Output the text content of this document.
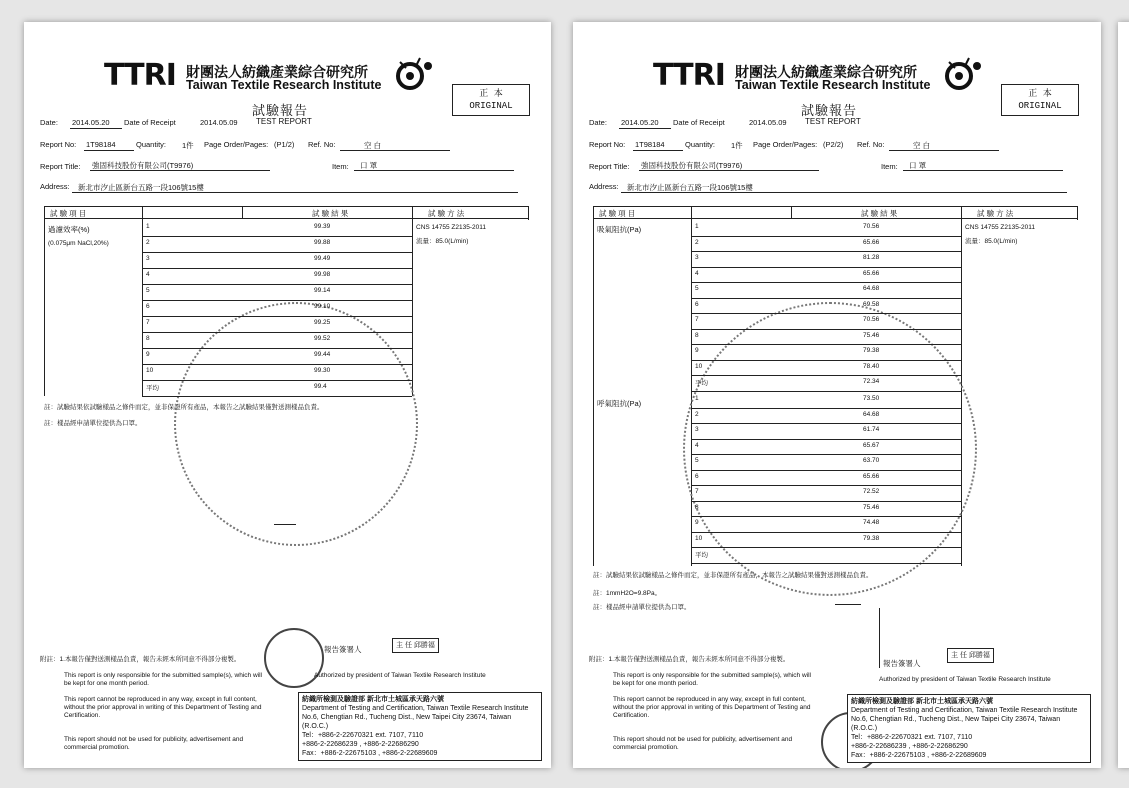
TTRI 財團法人紡織產業綜合研究所
Taiwan Textile Research Institute
正 本
ORIGINAL
試驗報告
TEST REPORT
Date: 2014.05.20 Date of Receipt	2014.05.09
Report No: 1T98184	Quantity: 1件 Page Order/Pages: (P1/2) Ref. No:	空 白
Report Title: 強固科技股份有限公司(T9976)	Item: 口 罩
Address: 新北市汐止區新台五路一段106號15樓
試 驗 項 目	試 驗 結 果	試 驗 方 法
過濾效率(%)
(0.075μm NaCl,20%)
CNS 14755 Z2135-2011
流量：85.0(L/min)
註：試驗結果依試驗樣品之條件而定，並非保證所有產品，本報告之試驗結果僅對送測樣品負責。
註：樣品經申請單位提供為口罩。
附註：1.本報告僅對送測樣品負責，報告未經本所同意不得部分複製。
This report is only responsible for the submitted sample(s), which will be kept for one month period.
This report cannot be reproduced in any way, except in full content, without the prior approval in writing of this Department of Testing and Certification.
This report should not be used for publicity, advertisement and commercial promotion.
報告簽署人	主 任 邱勝福
Authorized by president of Taiwan Textile Research Institute
紡織所檢測及驗證部 新北市土城區承天路六號
Department of Testing and Certification, Taiwan Textile Research Institute
No.6, Chengtian Rd., Tucheng Dist., New Taipei City 23674, Taiwan (R.O.C.)
Tel：+886-2-22670321 ext. 7107, 7110
+886-2-22686239 , +886-2-22686290
Fax：+886-2-22675103 , +886-2-22689609
1	99.39
2	99.88
3	99.49
4	99.98
5	99.14
6	99.10
7	99.25
8	99.52
9	99.44
10	99.30
平均	99.4
TTRI 財團法人紡織產業綜合研究所
Taiwan Textile Research Institute
正 本
ORIGINAL
試驗報告
TEST REPORT
Date: 2014.05.20 Date of Receipt	2014.05.09
Report No: 1T98184	Quantity: 1件 Page Order/Pages: (P2/2) Ref. No:	空 白
Report Title: 強固科技股份有限公司(T9976)	Item: 口 罩
Address: 新北市汐止區新台五路一段106號15樓
試 驗 項 目	試 驗 結 果	試 驗 方 法
吸氣阻抗(Pa)
呼氣阻抗(Pa)
CNS 14755 Z2135-2011
流量：85.0(L/min)
註：試驗結果依試驗樣品之條件而定，並非保證所有產品，本報告之試驗結果僅對送測樣品負責。
註：1mmH2O=9.8Pa。
註：樣品經申請單位提供為口罩。
附註：1.本報告僅對送測樣品負責，報告未經本所同意不得部分複製。
This report is only responsible for the submitted sample(s), which will be kept for one month period.
This report cannot be reproduced in any way, except in full content, without the prior approval in writing of this Department of Testing and Certification.
This report should not be used for publicity, advertisement and commercial promotion.
報告簽署人
主 任 邱勝福
Authorized by president of Taiwan Textile Research Institute
紡織所檢測及驗證部 新北市土城區承天路六號
Department of Testing and Certification, Taiwan Textile Research Institute
No.6, Chengtian Rd., Tucheng Dist., New Taipei City 23674, Taiwan (R.O.C.)
Tel：+886-2-22670321 ext. 7107, 7110
+886-2-22686239 , +886-2-22686290
Fax：+886-2-22675103 , +886-2-22689609
1	70.56
2	65.66
3	81.28
4	65.66
5	64.68
6	69.58
7	70.56
8	75.46
9	79.38
10	78.40
平均	72.34
1	73.50
2	64.68
3	61.74
4	65.67
5	63.70
6	65.66
7	72.52
8	75.46
9	74.48
10	79.38
平均
